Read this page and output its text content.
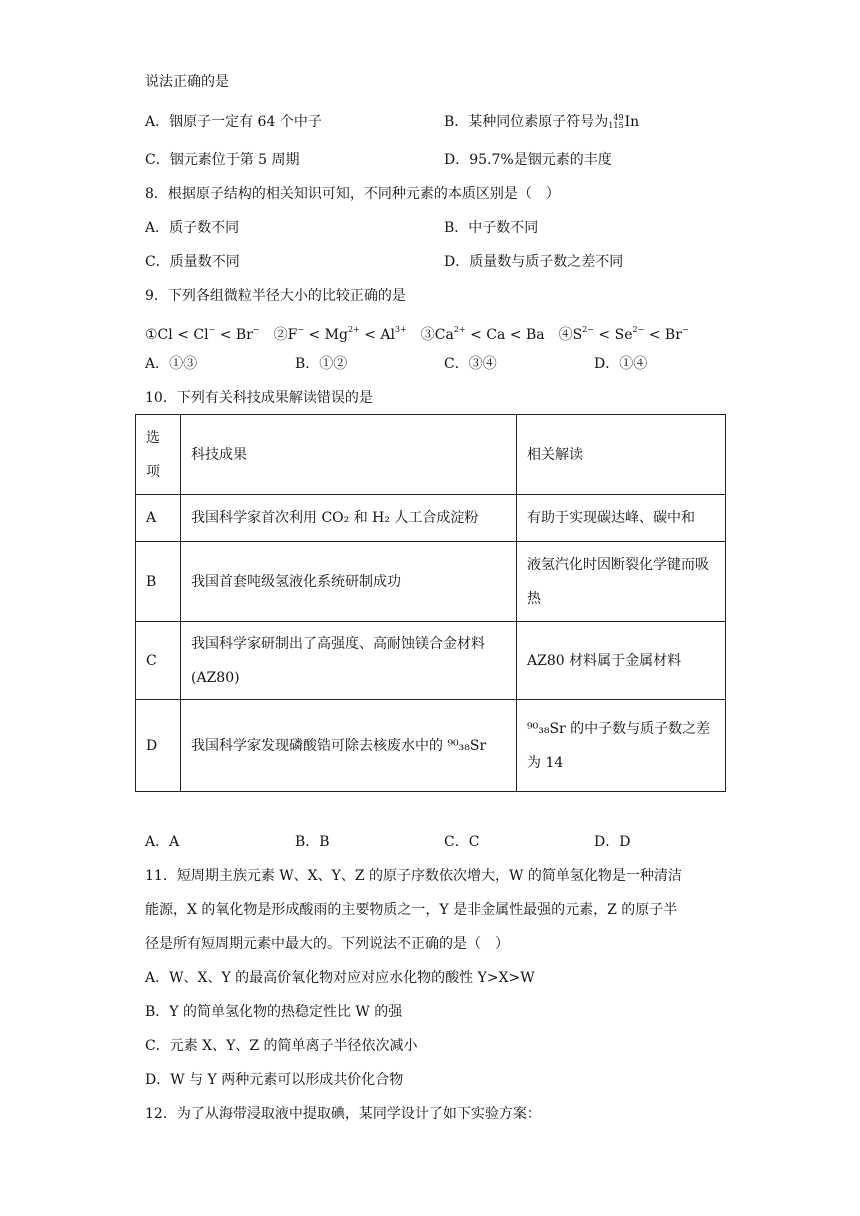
说法正确的是
A．铟原子一定有 64 个中子	B．某种同位素原子符号为 49
115 In
C．铟元素位于第 5 周期	D．95.7%是铟元素的丰度
8．根据原子结构的相关知识可知，不同种元素的本质区别是（　）
A．质子数不同	B．中子数不同
C．质量数不同	D．质量数与质子数之差不同
9．下列各组微粒半径大小的比较正确的是
①Cl < Cl− < Br−　②F− < $Mg^{2+} < Al^{3+}$　$③Ca^{2+} < Ca < Ba$　$④S^{2-} < Se^{2-} < Br^-$
A．①③	B．①②	C．③④	D．①④
10．下列有关科技成果解读错误的是
选
项	科技成果	相关解读
A	我国科学家首次利用 CO₂ 和 H₂ 人工合成淀粉	有助于实现碳达峰、碳中和
B	我国首套吨级氢液化系统研制成功	液氢汽化时因断裂化学键而吸热
C	我国科学家研制出了高强度、高耐蚀镁合金材料(AZ80)	AZ80 材料属于金属材料
D	我国科学家发现磷酸锆可除去核废水中的 ⁹⁰₃₈Sr	⁹⁰₃₈Sr 的中子数与质子数之差为 14
A．A	B．B	C．C	D．D
11．短周期主族元素 W、X、Y、Z 的原子序数依次增大，W 的简单氢化物是一种清洁
能源，X 的氧化物是形成酸雨的主要物质之一，Y 是非金属性最强的元素，Z 的原子半
径是所有短周期元素中最大的。下列说法不正确的是（　）
A．W、X、Y 的最高价氧化物对应对应水化物的酸性 Y>X>W
B．Y 的简单氢化物的热稳定性比 W 的强
C．元素 X、Y、Z 的简单离子半径依次减小
D．W 与 Y 两种元素可以形成共价化合物
12．为了从海带浸取液中提取碘，某同学设计了如下实验方案：
